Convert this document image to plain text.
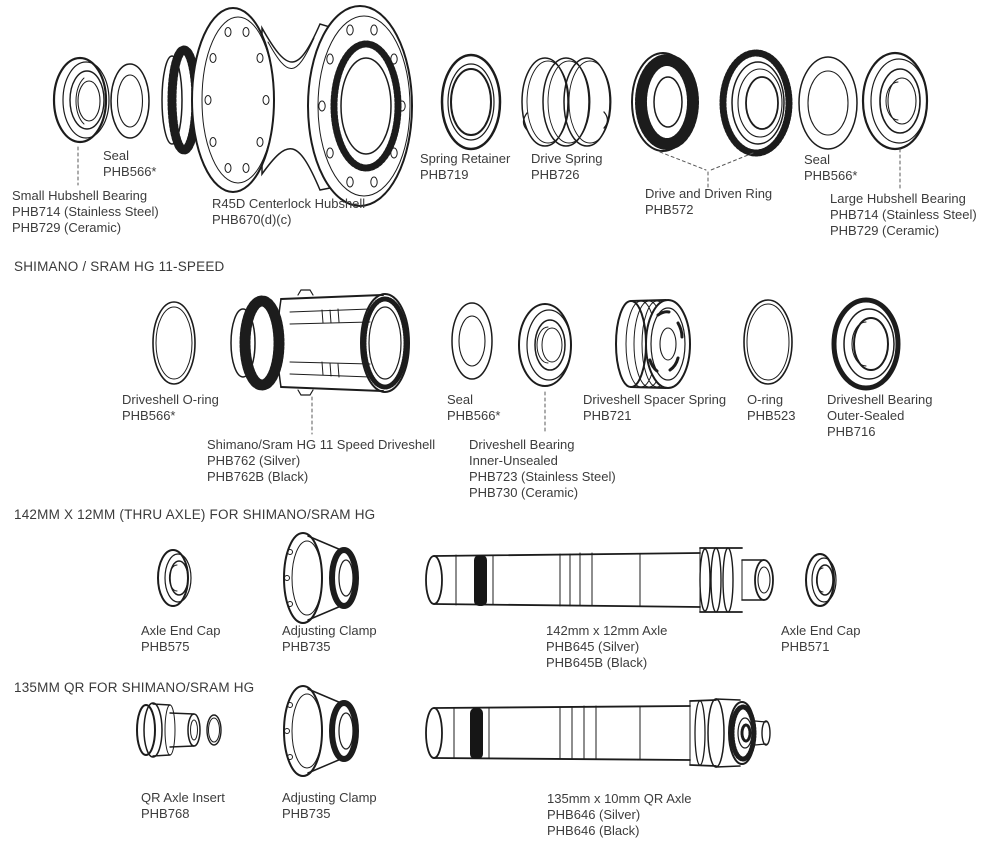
Seal
PHB566*
Small Hubshell Bearing
PHB714 (Stainless Steel)
PHB729 (Ceramic)
R45D Centerlock Hubshell
PHB670(d)(c)
Spring Retainer
PHB719
Drive Spring
PHB726
Drive and Driven Ring
PHB572
Seal
PHB566*
Large Hubshell Bearing
PHB714 (Stainless Steel)
PHB729 (Ceramic)
SHIMANO / SRAM HG 11-SPEED
Driveshell O-ring
PHB566*
Shimano/Sram HG 11 Speed Driveshell
PHB762 (Silver)
PHB762B (Black)
Seal
PHB566*
Driveshell Bearing
Inner-Unsealed
PHB723 (Stainless Steel)
PHB730 (Ceramic)
Driveshell Spacer Spring
PHB721
O-ring
PHB523
Driveshell Bearing
Outer-Sealed
PHB716
142MM X 12MM (THRU AXLE) FOR SHIMANO/SRAM HG
Axle End Cap
PHB575
Adjusting Clamp
PHB735
142mm x 12mm Axle
PHB645 (Silver)
PHB645B (Black)
Axle End Cap
PHB571
135MM QR FOR SHIMANO/SRAM HG
QR Axle Insert
PHB768
Adjusting Clamp
PHB735
135mm x 10mm QR Axle
PHB646 (Silver)
PHB646 (Black)
